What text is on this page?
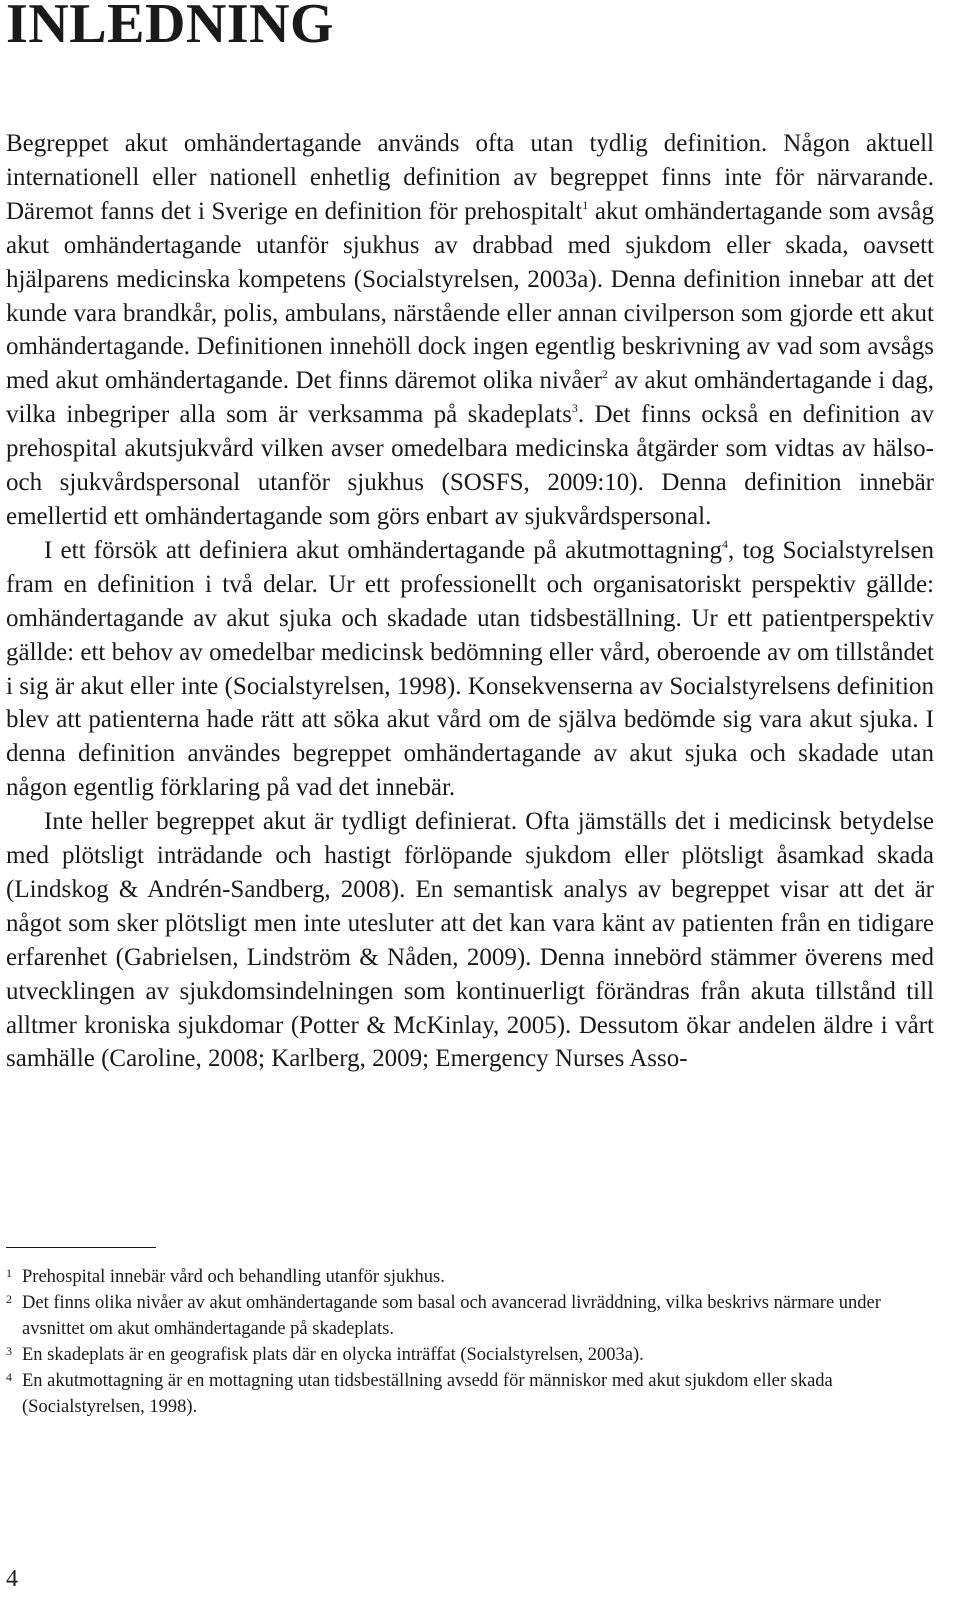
INLEDNING

Begreppet akut omhändertagande används ofta utan tydlig definition. Någon aktuell internationell eller nationell enhetlig definition av begreppet finns inte för närvarande. Däremot fanns det i Sverige en definition för prehospitalt$^1$ akut omhändertagande som avsåg akut omhändertagande utanför sjukhus av drabbad med sjukdom eller skada, oavsett hjälparens medicinska kompetens (Socialstyrelsen, 2003a). Denna definition innebar att det kunde vara brandkår, polis, ambulans, närstående eller annan civilperson som gjorde ett akut omhändertagande. Definitionen innehöll dock ingen egentlig beskrivning av vad som avsågs med akut omhändertagande. Det finns däremot olika nivåer$^2$ av akut omhändertagande i dag, vilka inbegriper alla som är verksamma på skadeplats$^3$. Det finns också en definition av prehospital akutsjukvård vilken avser omedelbara medicinska åtgärder som vidtas av hälso- och sjukvårdspersonal utanför sjukhus (SOSFS, 2009:10). Denna definition innebär emellertid ett omhändertagande som görs enbart av sjukvårdspersonal.

I ett försök att definiera akut omhändertagande på akutmottagning$^4$, tog Socialstyrelsen fram en definition i två delar. Ur ett professionellt och organisatoriskt perspektiv gällde: omhändertagande av akut sjuka och skadade utan tidsbeställning. Ur ett patientperspektiv gällde: ett behov av omedelbar medicinsk bedömning eller vård, oberoende av om tillståndet i sig är akut eller inte (Socialstyrelsen, 1998). Konsekvenserna av Socialstyrelsens definition blev att patienterna hade rätt att söka akut vård om de själva bedömde sig vara akut sjuka. I denna definition användes begreppet omhändertagande av akut sjuka och skadade utan någon egentlig förklaring på vad det innebär.

Inte heller begreppet akut är tydligt definierat. Ofta jämställs det i medicinsk betydelse med plötsligt inträdande och hastigt förlöpande sjukdom eller plötsligt åsamkad skada (Lindskog & Andrén-Sandberg, 2008). En semantisk analys av begreppet visar att det är något som sker plötsligt men inte utesluter att det kan vara känt av patienten från en tidigare erfarenhet (Gabrielsen, Lindström & Nåden, 2009). Denna innebörd stämmer överens med utvecklingen av sjukdomsindelningen som kontinuerligt förändras från akuta tillstånd till alltmer kroniska sjukdomar (Potter & McKinlay, 2005). Dessutom ökar andelen äldre i vårt samhälle (Caroline, 2008; Karlberg, 2009; Emergency Nurses Asso-

1 Prehospital innebär vård och behandling utanför sjukhus.
2 Det finns olika nivåer av akut omhändertagande som basal och avancerad livräddning, vilka beskrivs närmare under avsnittet om akut omhändertagande på skadeplats.
3 En skadeplats är en geografisk plats där en olycka inträffat (Socialstyrelsen, 2003a).
4 En akutmottagning är en mottagning utan tidsbeställning avsedd för människor med akut sjukdom eller skada (Socialstyrelsen, 1998).
4
